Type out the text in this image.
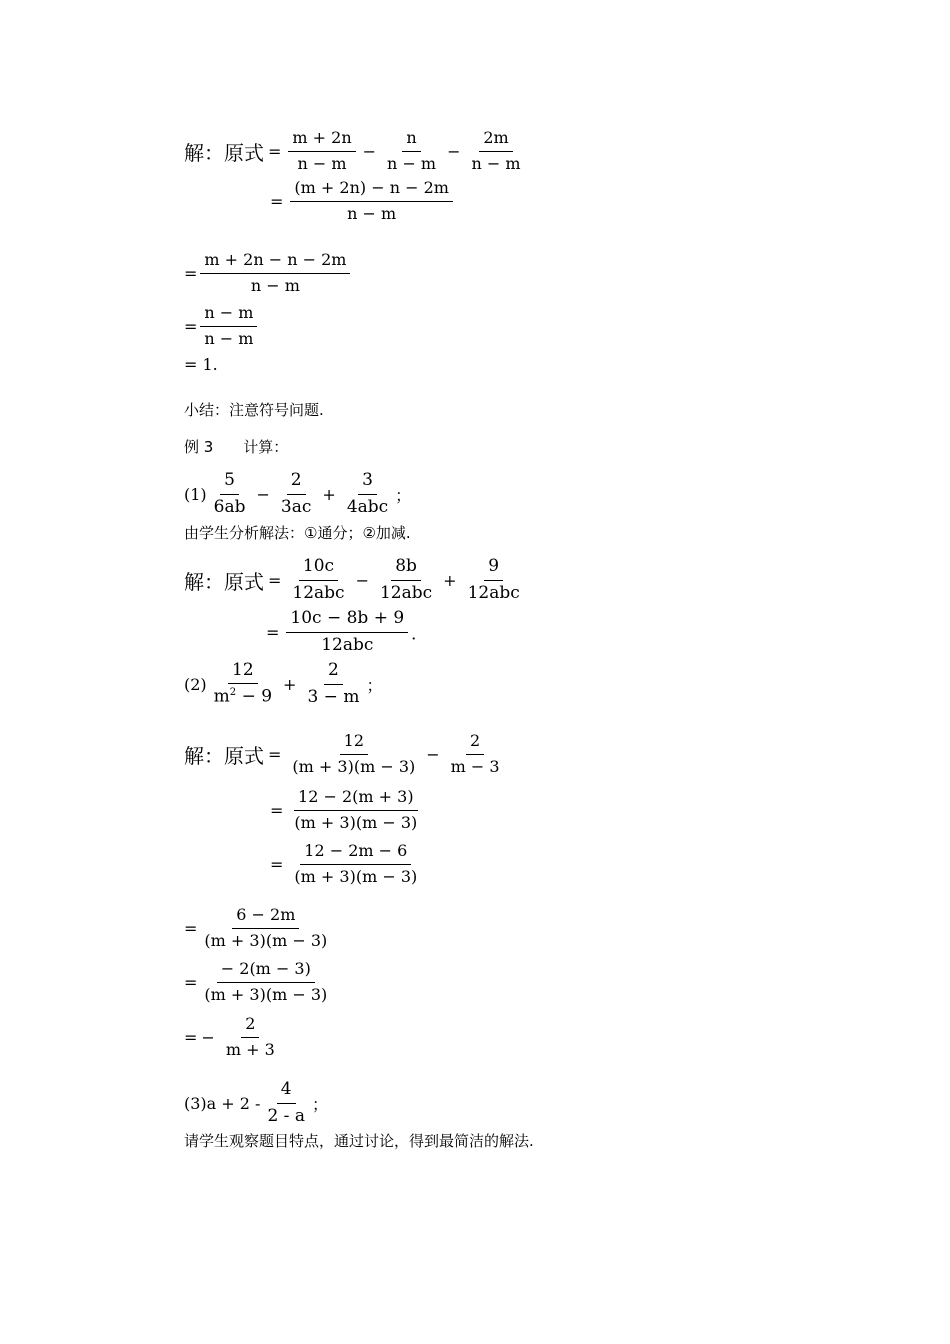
解：原式 = $\frac{m + 2n}{n - m} - \frac{n}{n - m} - \frac{2m}{n - m}$
= $\frac{(m + 2n) - n - 2m}{n - m}$
= $\frac{m + 2n - n - 2m}{n - m}$
= $\frac{n - m}{n - m}$
= 1.
小结：注意符号问题.
例 3　　计算：
$(1) \frac{5}{6ab} - \frac{2}{3ac} + \frac{3}{\text{4abc}}$ ；
由学生分析解法：①通分；②加减.
解：原式 = $\frac{10c}{\text{12abc}} - \frac{8b}{\text{12abc}} + \frac{9}{\text{12abc}}$
= $\frac{10c - 8b + 9}{\text{12abc}}$ ．
$(2) \frac{12}{m^2 - 9} + \frac{2}{3 - m}$ ；
解：原式 = $\frac{12}{(m + 3)(m - 3)} - \frac{2}{m - 3}$
= $\frac{12 - 2(m + 3)}{(m + 3)(m - 3)}$
= $\frac{12 - 2m - 6}{(m + 3)(m - 3)}$
= $\frac{6 - 2m}{(m + 3)(m - 3)}$
= $\frac{- 2(m - 3)}{(m + 3)(m - 3)}$
= − $\frac{2}{m + 3}$
$(3)a + 2 - \frac{4}{2 - a}$ ；
请学生观察题目特点，通过讨论，得到最简洁的解法.
